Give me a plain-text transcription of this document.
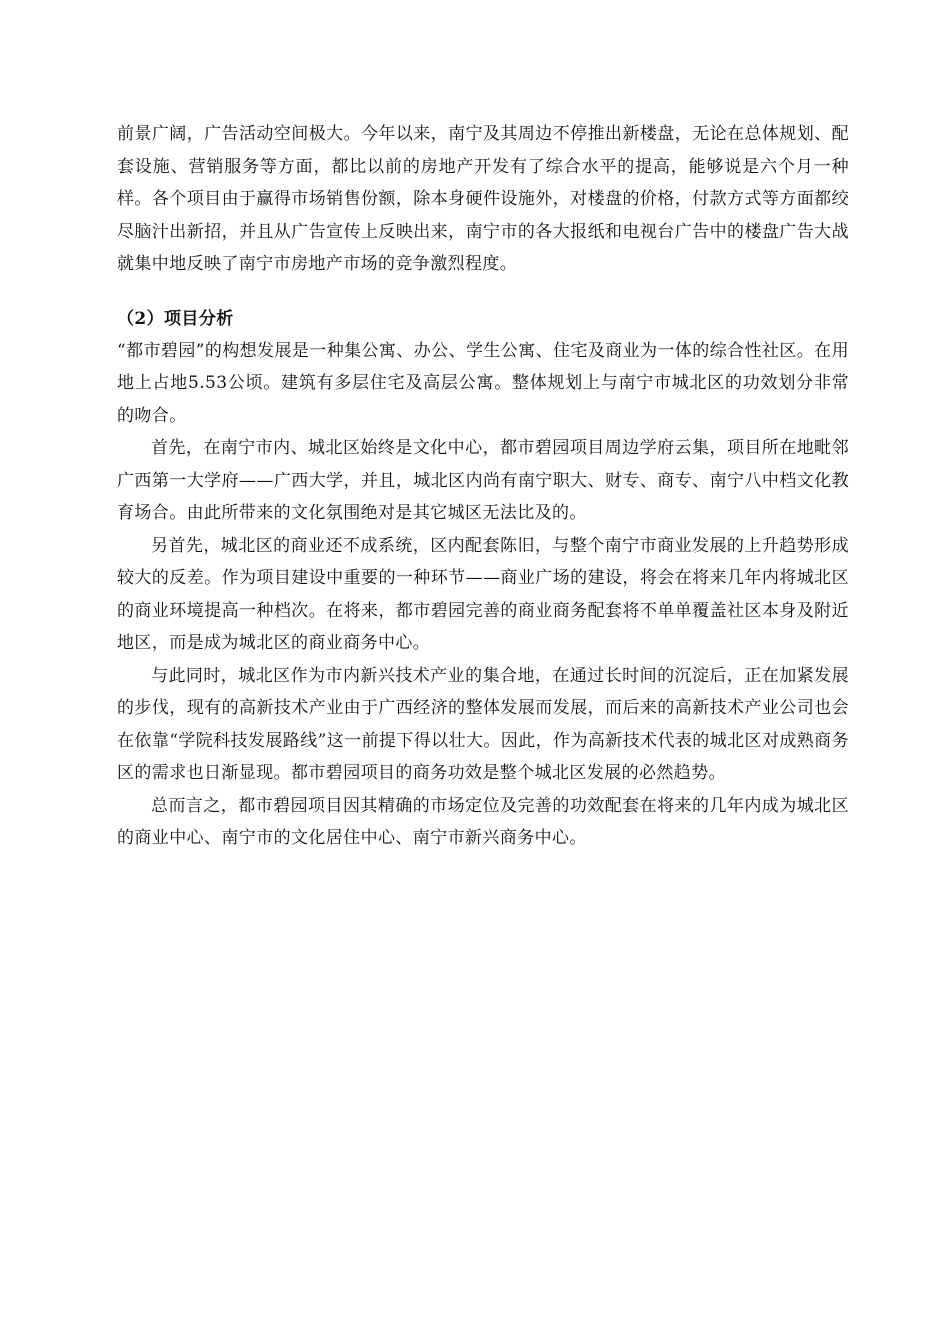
前景广阔，广告活动空间极大。今年以来，南宁及其周边不停推出新楼盘，无论在总体规划、配套设施、营销服务等方面，都比以前的房地产开发有了综合水平的提高，能够说是六个月一种样。各个项目由于赢得市场销售份额，除本身硬件设施外，对楼盘的价格，付款方式等方面都绞尽脑汁出新招，并且从广告宣传上反映出来，南宁市的各大报纸和电视台广告中的楼盘广告大战就集中地反映了南宁市房地产市场的竞争激烈程度。

（2）项目分析

“都市碧园”的构想发展是一种集公寓、办公、学生公寓、住宅及商业为一体的综合性社区。在用地上占地5.53公顷。建筑有多层住宅及高层公寓。整体规划上与南宁市城北区的功效划分非常的吻合。

首先，在南宁市内、城北区始终是文化中心，都市碧园项目周边学府云集，项目所在地毗邻广西第一大学府——广西大学，并且，城北区内尚有南宁职大、财专、商专、南宁八中档文化教育场合。由此所带来的文化氛围绝对是其它城区无法比及的。

另首先，城北区的商业还不成系统，区内配套陈旧，与整个南宁市商业发展的上升趋势形成较大的反差。作为项目建设中重要的一种环节——商业广场的建设，将会在将来几年内将城北区的商业环境提高一种档次。在将来，都市碧园完善的商业商务配套将不单单覆盖社区本身及附近地区，而是成为城北区的商业商务中心。

与此同时，城北区作为市内新兴技术产业的集合地，在通过长时间的沉淀后，正在加紧发展的步伐，现有的高新技术产业由于广西经济的整体发展而发展，而后来的高新技术产业公司也会在依靠“学院科技发展路线”这一前提下得以壮大。因此，作为高新技术代表的城北区对成熟商务区的需求也日渐显现。都市碧园项目的商务功效是整个城北区发展的必然趋势。

总而言之，都市碧园项目因其精确的市场定位及完善的功效配套在将来的几年内成为城北区的商业中心、南宁市的文化居住中心、南宁市新兴商务中心。
